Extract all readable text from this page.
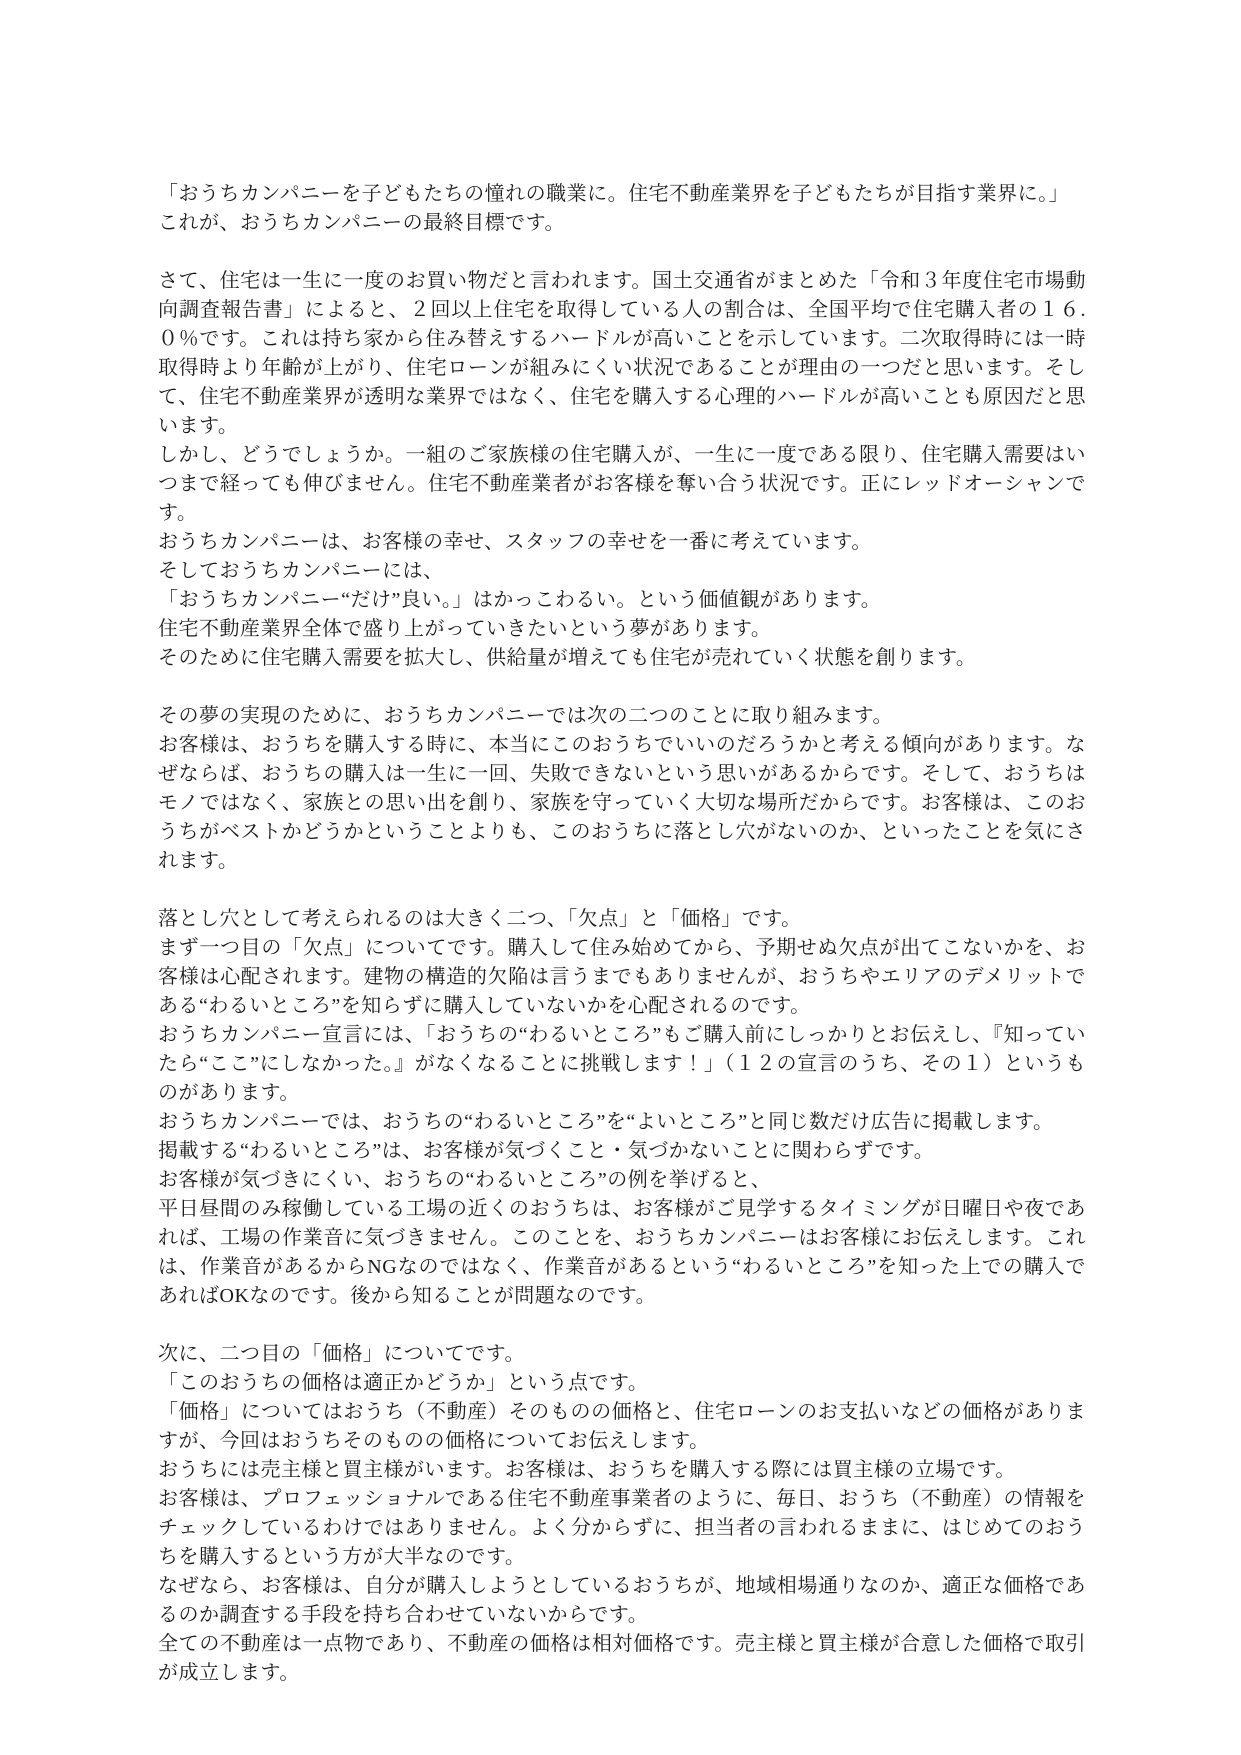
「おうちカンパニーを子どもたちの憧れの職業に。住宅不動産業界を子どもたちが目指す業界に。」

これが、おうちカンパニーの最終目標です。

さて、住宅は一生に一度のお買い物だと言われます。国土交通省がまとめた「令和３年度住宅市場動向調査報告書」によると、２回以上住宅を取得している人の割合は、全国平均で住宅購入者の１６.０％です。これは持ち家から住み替えするハードルが高いことを示しています。二次取得時には一時取得時より年齢が上がり、住宅ローンが組みにくい状況であることが理由の一つだと思います。そして、住宅不動産業界が透明な業界ではなく、住宅を購入する心理的ハードルが高いことも原因だと思います。

しかし、どうでしょうか。一組のご家族様の住宅購入が、一生に一度である限り、住宅購入需要はいつまで経っても伸びません。住宅不動産業者がお客様を奪い合う状況です。正にレッドオーシャンです。

おうちカンパニーは、お客様の幸せ、スタッフの幸せを一番に考えています。

そしておうちカンパニーには、

「おうちカンパニー“だけ”良い。」はかっこわるい。という価値観があります。

住宅不動産業界全体で盛り上がっていきたいという夢があります。

そのために住宅購入需要を拡大し、供給量が増えても住宅が売れていく状態を創ります。

その夢の実現のために、おうちカンパニーでは次の二つのことに取り組みます。

お客様は、おうちを購入する時に、本当にこのおうちでいいのだろうかと考える傾向があります。なぜならば、おうちの購入は一生に一回、失敗できないという思いがあるからです。そして、おうちはモノではなく、家族との思い出を創り、家族を守っていく大切な場所だからです。お客様は、このおうちがベストかどうかということよりも、このおうちに落とし穴がないのか、といったことを気にされます。

落とし穴として考えられるのは大きく二つ、「欠点」と「価格」です。

まず一つ目の「欠点」についてです。購入して住み始めてから、予期せぬ欠点が出てこないかを、お客様は心配されます。建物の構造的欠陥は言うまでもありませんが、おうちやエリアのデメリットである“わるいところ”を知らずに購入していないかを心配されるのです。

おうちカンパニー宣言には、「おうちの“わるいところ”もご購入前にしっかりとお伝えし、『知っていたら“ここ”にしなかった。』がなくなることに挑戦します！」（１２の宣言のうち、その１）というものがあります。

おうちカンパニーでは、おうちの“わるいところ”を“よいところ”と同じ数だけ広告に掲載します。

掲載する“わるいところ”は、お客様が気づくこと・気づかないことに関わらずです。

お客様が気づきにくい、おうちの“わるいところ”の例を挙げると、

平日昼間のみ稼働している工場の近くのおうちは、お客様がご見学するタイミングが日曜日や夜であれば、工場の作業音に気づきません。このことを、おうちカンパニーはお客様にお伝えします。これは、作業音があるからNGなのではなく、作業音があるという“わるいところ”を知った上での購入であればOKなのです。後から知ることが問題なのです。

次に、二つ目の「価格」についてです。

「このおうちの価格は適正かどうか」という点です。

「価格」についてはおうち（不動産）そのものの価格と、住宅ローンのお支払いなどの価格がありますが、今回はおうちそのものの価格についてお伝えします。

おうちには売主様と買主様がいます。お客様は、おうちを購入する際には買主様の立場です。

お客様は、プロフェッショナルである住宅不動産事業者のように、毎日、おうち（不動産）の情報をチェックしているわけではありません。よく分からずに、担当者の言われるままに、はじめてのおうちを購入するという方が大半なのです。

なぜなら、お客様は、自分が購入しようとしているおうちが、地域相場通りなのか、適正な価格であるのか調査する手段を持ち合わせていないからです。

全ての不動産は一点物であり、不動産の価格は相対価格です。売主様と買主様が合意した価格で取引が成立します。
